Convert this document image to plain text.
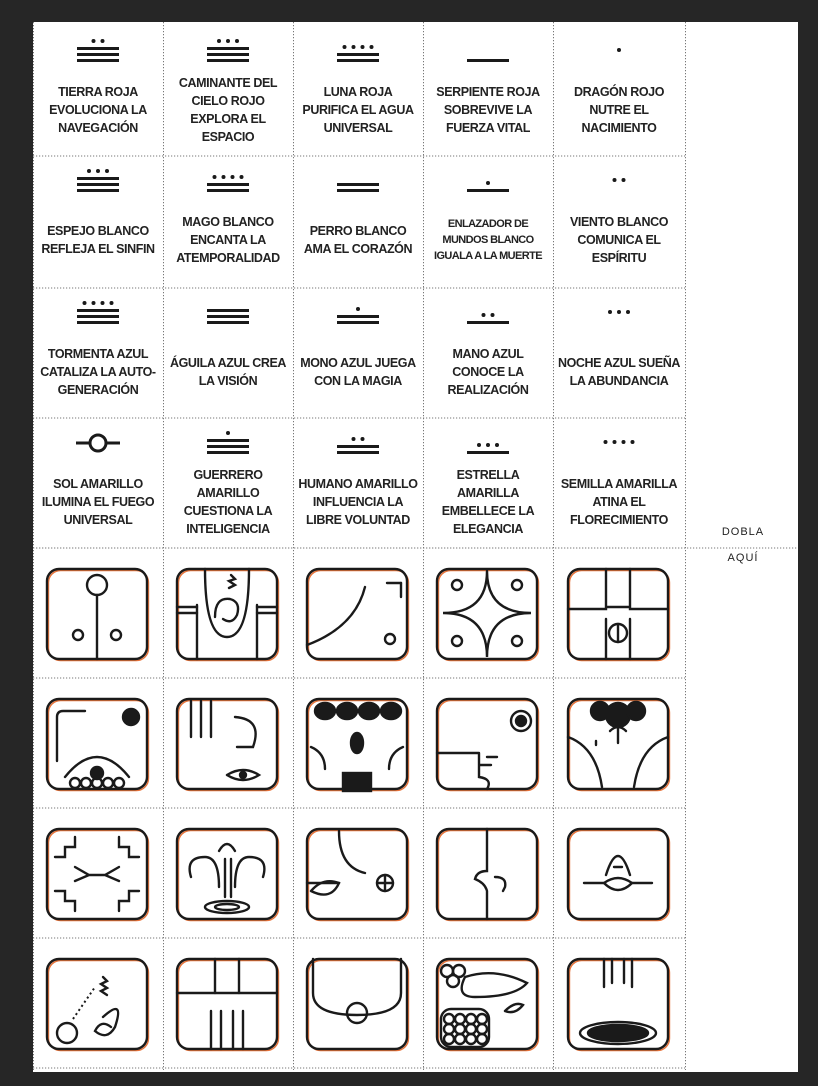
TIERRA ROJA EVOLUCIONA LA NAVEGACIÓN
CAMINANTE DEL CIELO ROJO EXPLORA EL ESPACIO
LUNA ROJA PURIFICA EL AGUA UNIVERSAL
SERPIENTE ROJA SOBREVIVE LA FUERZA VITAL
DRAGÓN ROJO NUTRE EL NACIMIENTO
ESPEJO BLANCO REFLEJA EL SINFIN
MAGO BLANCO ENCANTA LA ATEMPORALIDAD
PERRO BLANCO AMA EL CORAZÓN
ENLAZADOR DE MUNDOS BLANCO IGUALA A LA MUERTE
VIENTO BLANCO COMUNICA EL ESPÍRITU
TORMENTA AZUL CATALIZA LA AUTO-GENERACIÓN
ÁGUILA AZUL CREA LA VISIÓN
MONO AZUL JUEGA CON LA MAGIA
MANO AZUL CONOCE LA REALIZACIÓN
NOCHE AZUL SUEÑA LA ABUNDANCIA
SOL AMARILLO ILUMINA EL FUEGO UNIVERSAL
GUERRERO AMARILLO CUESTIONA LA INTELIGENCIA
HUMANO AMARILLO INFLUENCIA LA LIBRE VOLUNTAD
ESTRELLA AMARILLA EMBELLECE LA ELEGANCIA
SEMILLA AMARILLA ATINA EL FLORECIMIENTO
DOBLA
AQUÍ
